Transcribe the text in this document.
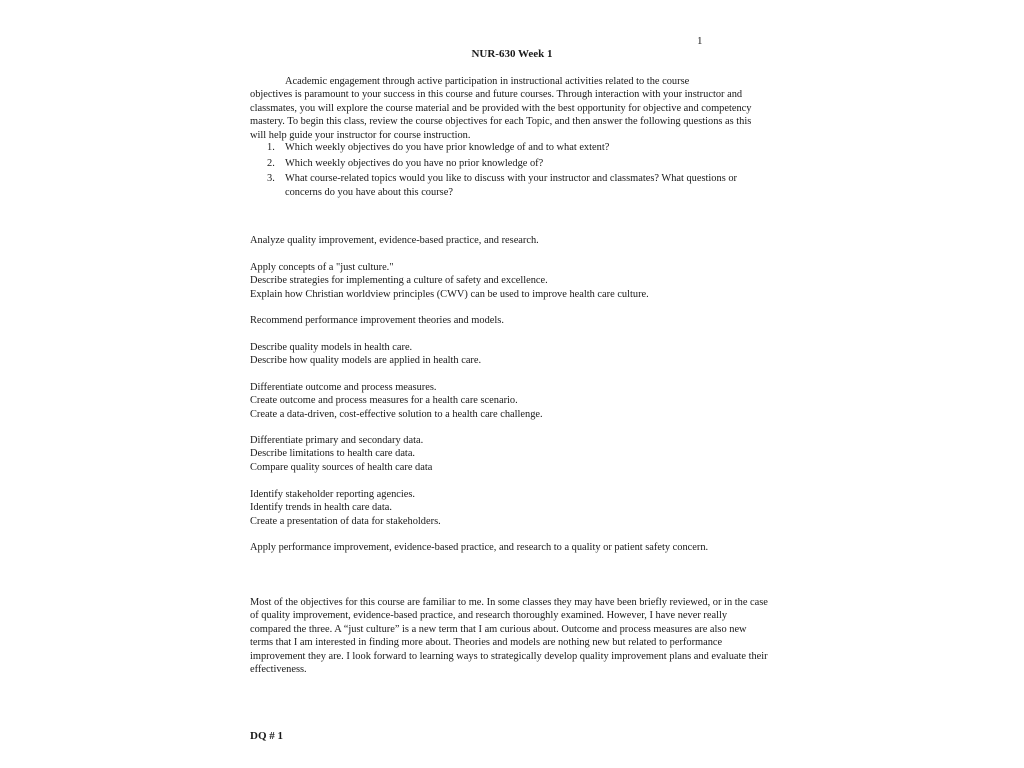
1
NUR-630 Week 1
Academic engagement through active participation in instructional activities related to the course
objectives is paramount to your success in this course and future courses. Through interaction with your instructor and classmates, you will explore the course material and be provided with the best opportunity for objective and competency mastery. To begin this class, review the course objectives for each Topic, and then answer the following questions as this will help guide your instructor for course instruction.
1. Which weekly objectives do you have prior knowledge of and to what extent?
2. Which weekly objectives do you have no prior knowledge of?
3. What course-related topics would you like to discuss with your instructor and classmates? What questions or concerns do you have about this course?
Analyze quality improvement, evidence-based practice, and research.
Apply concepts of a "just culture."
Describe strategies for implementing a culture of safety and excellence.
Explain how Christian worldview principles (CWV) can be used to improve health care culture.
Recommend performance improvement theories and models.
Describe quality models in health care.
Describe how quality models are applied in health care.
Differentiate outcome and process measures.
Create outcome and process measures for a health care scenario.
Create a data-driven, cost-effective solution to a health care challenge.
Differentiate primary and secondary data.
Describe limitations to health care data.
Compare quality sources of health care data
Identify stakeholder reporting agencies.
Identify trends in health care data.
Create a presentation of data for stakeholders.
Apply performance improvement, evidence-based practice, and research to a quality or patient safety concern.
Most of the objectives for this course are familiar to me. In some classes they may have been briefly reviewed, or in the case of quality improvement, evidence-based practice, and research thoroughly examined. However, I have never really compared the three. A “just culture” is a new term that I am curious about. Outcome and process measures are also new terms that I am interested in finding more about. Theories and models are nothing new but related to performance improvement they are. I look forward to learning ways to strategically develop quality improvement plans and evaluate their effectiveness.
DQ # 1
